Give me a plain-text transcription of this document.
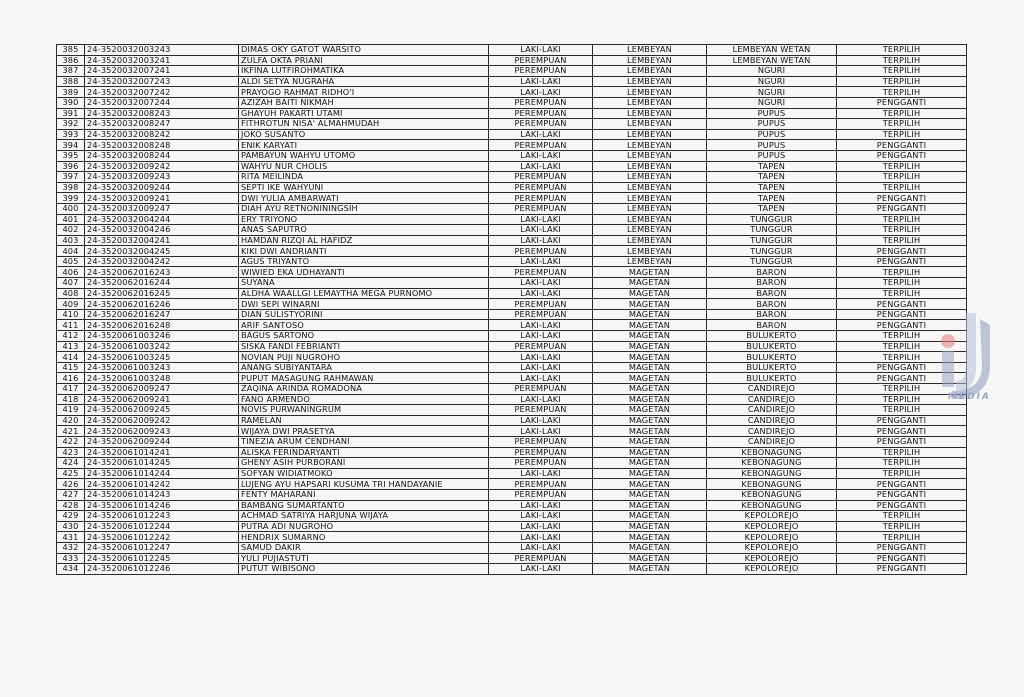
385	24-3520032003243	DIMAS OKY GATOT WARSITO	LAKI-LAKI	LEMBEYAN	LEMBEYAN WETAN	TERPILIH
386	24-3520032003241	ZULFA OKTA PRIANI	PEREMPUAN	LEMBEYAN	LEMBEYAN WETAN	TERPILIH
387	24-3520032007241	IKFINA LUTFIROHMATIKA	PEREMPUAN	LEMBEYAN	NGURI	TERPILIH
388	24-3520032007243	ALDI SETYA NUGRAHA	LAKI-LAKI	LEMBEYAN	NGURI	TERPILIH
389	24-3520032007242	PRAYOGO RAHMAT RIDHO'I	LAKI-LAKI	LEMBEYAN	NGURI	TERPILIH
390	24-3520032007244	AZIZAH BAITI NIKMAH	PEREMPUAN	LEMBEYAN	NGURI	PENGGANTI
391	24-3520032008243	GHAYUH PAKARTI UTAMI	PEREMPUAN	LEMBEYAN	PUPUS	TERPILIH
392	24-3520032008247	FITHROTUN NISA' ALMAHMUDAH	PEREMPUAN	LEMBEYAN	PUPUS	TERPILIH
393	24-3520032008242	JOKO SUSANTO	LAKI-LAKI	LEMBEYAN	PUPUS	TERPILIH
394	24-3520032008248	ENIK KARYATI	PEREMPUAN	LEMBEYAN	PUPUS	PENGGANTI
395	24-3520032008244	PAMBAYUN WAHYU UTOMO	LAKI-LAKI	LEMBEYAN	PUPUS	PENGGANTI
396	24-3520032009242	WAHYU NUR CHOLIS	LAKI-LAKI	LEMBEYAN	TAPEN	TERPILIH
397	24-3520032009243	RITA MEILINDA	PEREMPUAN	LEMBEYAN	TAPEN	TERPILIH
398	24-3520032009244	SEPTI IKE WAHYUNI	PEREMPUAN	LEMBEYAN	TAPEN	TERPILIH
399	24-3520032009241	DWI YULIA AMBARWATI	PEREMPUAN	LEMBEYAN	TAPEN	PENGGANTI
400	24-3520032009247	DIAH AYU RETNONININGSIH	PEREMPUAN	LEMBEYAN	TAPEN	PENGGANTI
401	24-3520032004244	ERY TRIYONO	LAKI-LAKI	LEMBEYAN	TUNGGUR	TERPILIH
402	24-3520032004246	ANAS SAPUTRO	LAKI-LAKI	LEMBEYAN	TUNGGUR	TERPILIH
403	24-3520032004241	HAMDAN RIZQI AL HAFIDZ	LAKI-LAKI	LEMBEYAN	TUNGGUR	TERPILIH
404	24-3520032004245	KIKI DWI ANDRIANTI	PEREMPUAN	LEMBEYAN	TUNGGUR	PENGGANTI
405	24-3520032004242	AGUS TRIYANTO	LAKI-LAKI	LEMBEYAN	TUNGGUR	PENGGANTI
406	24-3520062016243	WIWIED EKA UDHAYANTI	PEREMPUAN	MAGETAN	BARON	TERPILIH
407	24-3520062016244	SUYANA	LAKI-LAKI	MAGETAN	BARON	TERPILIH
408	24-3520062016245	ALDHA WAALLGI LEMAYTHA MEGA PURNOMO	LAKI-LAKI	MAGETAN	BARON	TERPILIH
409	24-3520062016246	DWI SEPI WINARNI	PEREMPUAN	MAGETAN	BARON	PENGGANTI
410	24-3520062016247	DIAN SULISTYORINI	PEREMPUAN	MAGETAN	BARON	PENGGANTI
411	24-3520062016248	ARIF SANTOSO	LAKI-LAKI	MAGETAN	BARON	PENGGANTI
412	24-3520061003246	BAGUS SARTONO	LAKI-LAKI	MAGETAN	BULUKERTO	TERPILIH
413	24-3520061003242	SISKA FANDI FEBRIANTI	PEREMPUAN	MAGETAN	BULUKERTO	TERPILIH
414	24-3520061003245	NOVIAN PUJI NUGROHO	LAKI-LAKI	MAGETAN	BULUKERTO	TERPILIH
415	24-3520061003243	ANANG SUBIYANTARA	LAKI-LAKI	MAGETAN	BULUKERTO	PENGGANTI
416	24-3520061003248	PUPUT MASAGUNG RAHMAWAN	LAKI-LAKI	MAGETAN	BULUKERTO	PENGGANTI
417	24-3520062009247	ZAQINA ARINDA ROMADONA	PEREMPUAN	MAGETAN	CANDIREJO	TERPILIH
418	24-3520062009241	FANO ARMENDO	LAKI-LAKI	MAGETAN	CANDIREJO	TERPILIH
419	24-3520062009245	NOVIS PURWANINGRUM	PEREMPUAN	MAGETAN	CANDIREJO	TERPILIH
420	24-3520062009242	RAMELAN	LAKI-LAKI	MAGETAN	CANDIREJO	PENGGANTI
421	24-3520062009243	WIJAYA DWI PRASETYA	LAKI-LAKI	MAGETAN	CANDIREJO	PENGGANTI
422	24-3520062009244	TINEZIA ARUM CENDHANI	PEREMPUAN	MAGETAN	CANDIREJO	PENGGANTI
423	24-3520061014241	ALISKA FERINDARYANTI	PEREMPUAN	MAGETAN	KEBONAGUNG	TERPILIH
424	24-3520061014245	GHENY ASIH PURBORANI	PEREMPUAN	MAGETAN	KEBONAGUNG	TERPILIH
425	24-3520061014244	SOFYAN WIDIATMOKO	LAKI-LAKI	MAGETAN	KEBONAGUNG	TERPILIH
426	24-3520061014242	LUJENG AYU HAPSARI KUSUMA TRI HANDAYANIE	PEREMPUAN	MAGETAN	KEBONAGUNG	PENGGANTI
427	24-3520061014243	FENTY MAHARANI	PEREMPUAN	MAGETAN	KEBONAGUNG	PENGGANTI
428	24-3520061014246	BAMBANG SUMARTANTO	LAKI-LAKI	MAGETAN	KEBONAGUNG	PENGGANTI
429	24-3520061012243	ACHMAD SATRIYA HARJUNA WIJAYA	LAKI-LAKI	MAGETAN	KEPOLOREJO	TERPILIH
430	24-3520061012244	PUTRA ADI NUGROHO	LAKI-LAKI	MAGETAN	KEPOLOREJO	TERPILIH
431	24-3520061012242	HENDRIX SUMARNO	LAKI-LAKI	MAGETAN	KEPOLOREJO	TERPILIH
432	24-3520061012247	SAMUD DAKIR	LAKI-LAKI	MAGETAN	KEPOLOREJO	PENGGANTI
433	24-3520061012245	YULI PUJIASTUTI	PEREMPUAN	MAGETAN	KEPOLOREJO	PENGGANTI
434	24-3520061012246	PUTUT WIBISONO	LAKI-LAKI	MAGETAN	KEPOLOREJO	PENGGANTI
MEDIA
